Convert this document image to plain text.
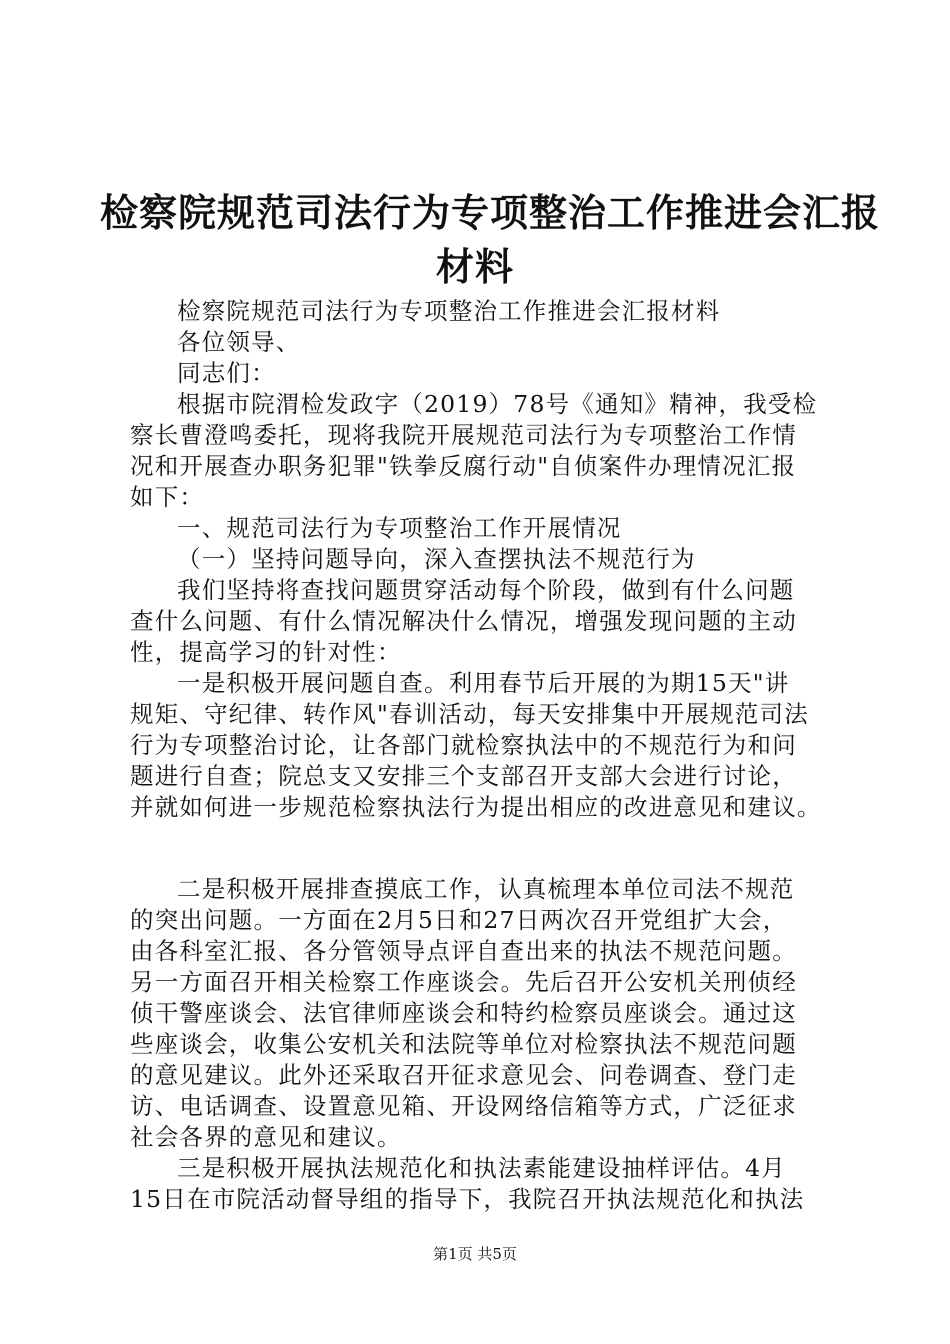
检察院规范司法行为专项整治工作推进会汇报
材料

检察院规范司法行为专项整治工作推进会汇报材料

各位领导、

同志们：

根据市院渭检发政字（2019）78号《通知》精神，我受检

察长曹澄鸣委托，现将我院开展规范司法行为专项整治工作情

况和开展查办职务犯罪"铁拳反腐行动"自侦案件办理情况汇报

如下：

一、规范司法行为专项整治工作开展情况

（一）坚持问题导向，深入查摆执法不规范行为

我们坚持将查找问题贯穿活动每个阶段，做到有什么问题

查什么问题、有什么情况解决什么情况，增强发现问题的主动

性，提高学习的针对性：

一是积极开展问题自查。利用春节后开展的为期15天"讲

规矩、守纪律、转作风"春训活动，每天安排集中开展规范司法

行为专项整治讨论，让各部门就检察执法中的不规范行为和问

题进行自查；院总支又安排三个支部召开支部大会进行讨论，

并就如何进一步规范检察执法行为提出相应的改进意见和建议。

二是积极开展排查摸底工作，认真梳理本单位司法不规范

的突出问题。一方面在2月5日和27日两次召开党组扩大会，

由各科室汇报、各分管领导点评自查出来的执法不规范问题。

另一方面召开相关检察工作座谈会。先后召开公安机关刑侦经

侦干警座谈会、法官律师座谈会和特约检察员座谈会。通过这

些座谈会，收集公安机关和法院等单位对检察执法不规范问题

的意见建议。此外还采取召开征求意见会、问卷调查、登门走

访、电话调查、设置意见箱、开设网络信箱等方式，广泛征求

社会各界的意见和建议。

三是积极开展执法规范化和执法素能建设抽样评估。4月

15日在市院活动督导组的指导下，我院召开执法规范化和执法

第1页 共5页
